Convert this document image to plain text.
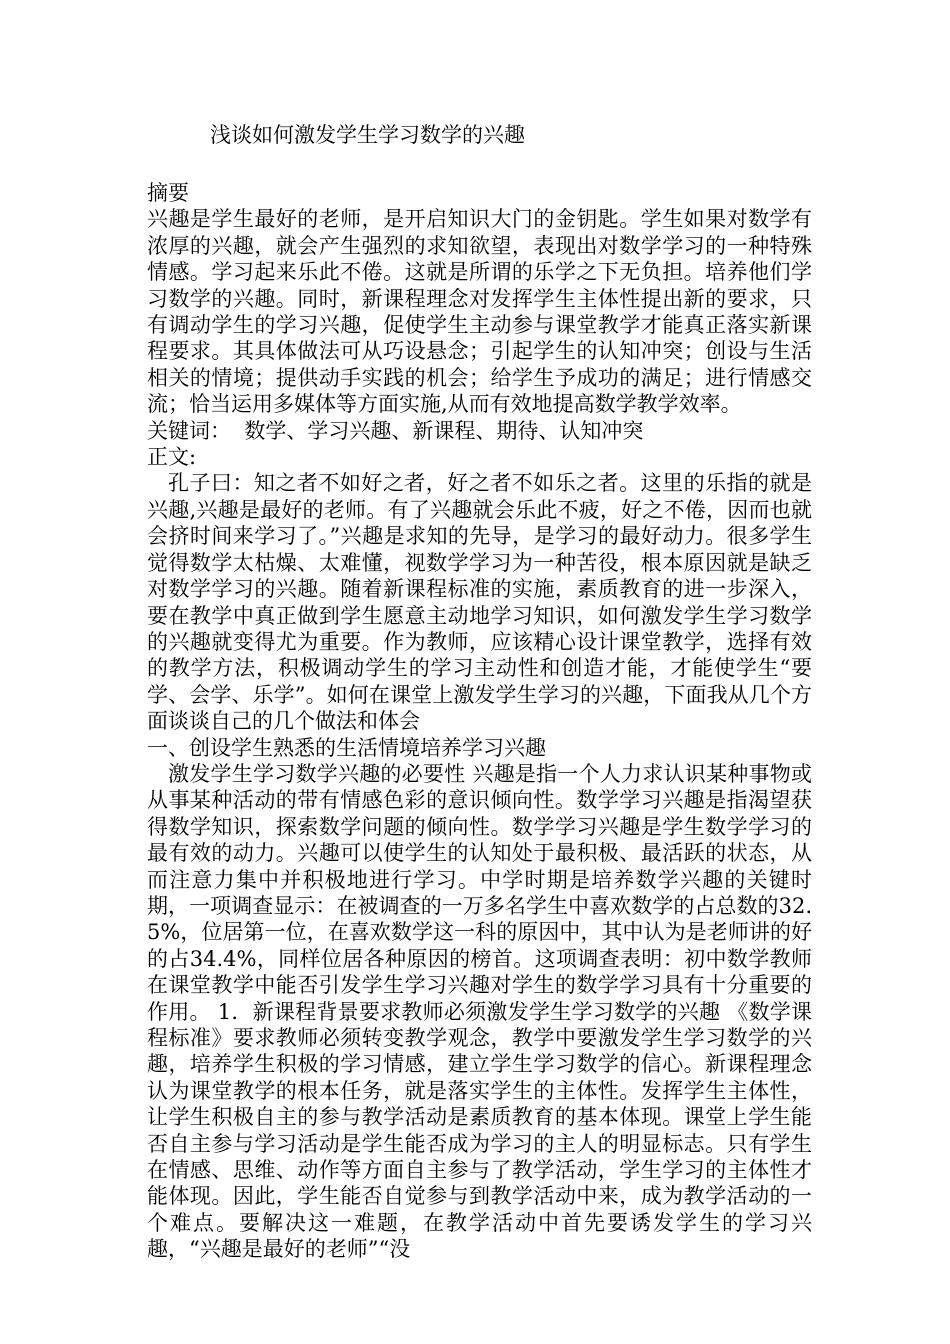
浅谈如何激发学生学习数学的兴趣
摘要

兴趣是学生最好的老师，是开启知识大门的金钥匙。学生如果对数学有浓厚的兴趣，就会产生强烈的求知欲望，表现出对数学学习的一种特殊情感。学习起来乐此不倦。这就是所谓的乐学之下无负担。培养他们学习数学的兴趣。同时，新课程理念对发挥学生主体性提出新的要求，只有调动学生的学习兴趣，促使学生主动参与课堂教学才能真正落实新课程要求。其具体做法可从巧设悬念；引起学生的认知冲突；创设与生活相关的情境；提供动手实践的机会；给学生予成功的满足；进行情感交流；恰当运用多媒体等方面实施,从而有效地提高数学教学效率。

关键词：  数学、学习兴趣、新课程、期待、认知冲突
正文:

孔子曰：知之者不如好之者，好之者不如乐之者。这里的乐指的就是兴趣,兴趣是最好的老师。有了兴趣就会乐此不疲，好之不倦，因而也就会挤时间来学习了。”兴趣是求知的先导，是学习的最好动力。很多学生觉得数学太枯燥、太难懂，视数学学习为一种苦役，根本原因就是缺乏对数学学习的兴趣。随着新课程标准的实施，素质教育的进一步深入，要在教学中真正做到学生愿意主动地学习知识，如何激发学生学习数学的兴趣就变得尤为重要。作为教师，应该精心设计课堂教学，选择有效的教学方法，积极调动学生的学习主动性和创造才能，才能使学生“要学、会学、乐学”。如何在课堂上激发学生学习的兴趣，下面我从几个方面谈谈自己的几个做法和体会

一、创设学生熟悉的生活情境培养学习兴趣

激发学生学习数学兴趣的必要性 兴趣是指一个人力求认识某种事物或从事某种活动的带有情感色彩的意识倾向性。数学学习兴趣是指渴望获得数学知识，探索数学问题的倾向性。数学学习兴趣是学生数学学习的最有效的动力。兴趣可以使学生的认知处于最积极、最活跃的状态，从而注意力集中并积极地进行学习。中学时期是培养数学兴趣的关键时期，一项调查显示：在被调查的一万多名学生中喜欢数学的占总数的32.5%，位居第一位，在喜欢数学这一科的原因中，其中认为是老师讲的好的占34.4%，同样位居各种原因的榜首。这项调查表明：初中数学教师在课堂教学中能否引发学生学习兴趣对学生的数学学习具有十分重要的作用。 1．新课程背景要求教师必须激发学生学习数学的兴趣 《数学课程标准》要求教师必须转变教学观念，教学中要激发学生学习数学的兴趣，培养学生积极的学习情感，建立学生学习数学的信心。新课程理念认为课堂教学的根本任务，就是落实学生的主体性。发挥学生主体性，让学生积极自主的参与教学活动是素质教育的基本体现。课堂上学生能否自主参与学习活动是学生能否成为学习的主人的明显标志。只有学生在情感、思维、动作等方面自主参与了教学活动，学生学习的主体性才能体现。因此，学生能否自觉参与到教学活动中来，成为教学活动的一个难点。要解决这一难题，在教学活动中首先要诱发学生的学习兴趣，“兴趣是最好的老师”“没
